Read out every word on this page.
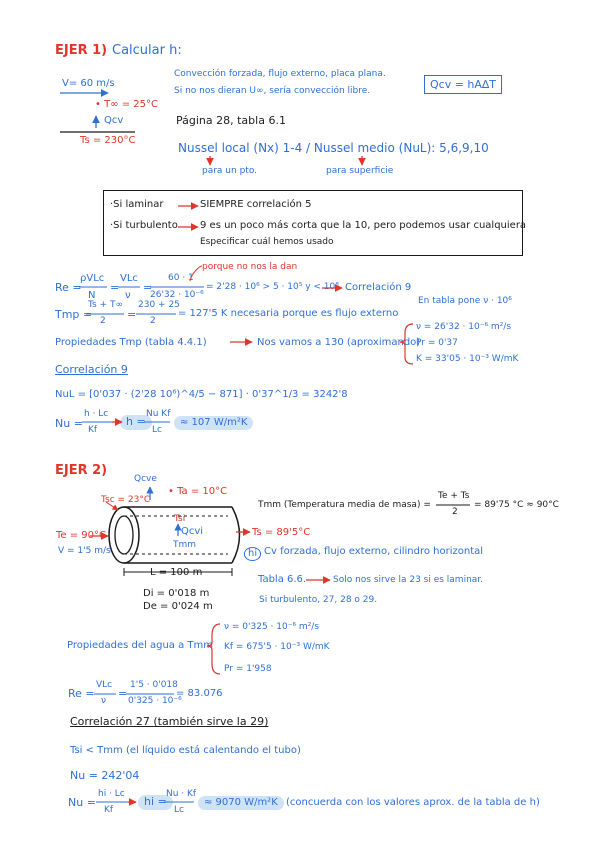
EJER 1) Calcular h:
V= 60 m/s
• T∞ = 25°C
Qcv
Ts = 230°C
Convección forzada, flujo externo, placa plana.
Si no nos dieran U∞, sería convección libre.	Qcv = hA∆T
Página 28, tabla 6.1
Nussel local (Nx) 1-4 / Nussel medio (NuL): 5,6,9,10
para un pto.	para superficie
·Si laminar	SIEMPRE correlación 5
·Si turbulento 9 es un poco más corta que la 10, pero podemos usar cualquiera
Especificar cuál hemos usado
porque no nos la dan
Re =
ρVLc
N
=
VLc
ν
=
60 · 1
26'32 · 10⁻⁶
= 2'28 · 10⁶ > 5 · 10⁵ y < 10⁸ Correlación 9
En tabla pone ν · 10⁶
Tmp =
Ts + T∞
2 =
230 + 25
2
= 127'5 K necesaria porque es flujo externo
Propiedades Tmp (tabla 4.4.1)	Nos vamos a 130 (aproximando)
ν = 26'32 · 10⁻⁶ m²/s
Pr = 0'37
K = 33'05 · 10⁻³ W/mK
Correlación 9
NuL = [0'037 · (2'28 10⁶)^4/5 − 871] · 0'37^1/3 = 3242'8
Nu =
h · Lc
Kf
h =
Nu Kf
Lc
≈ 107 W/m²K
EJER 2)
Qcve
• Ta = 10°C
Tsc = 23°C
Te = 90°C
V = 1'5 m/s
Tsi
Qcvi
Tmm
Ts = 89'5°C
L = 100 m
Di = 0'018 m
De = 0'024 m
Tmm (Temperatura media de masa) =
Te + Ts
2
= 89'75 °C ≈ 90°C
hi Cv forzada, flujo externo, cilindro horizontal
Tabla 6.6.	Solo nos sirve la 23 si es laminar.
Si turbulento, 27, 28 o 29.
Propiedades del agua a Tmm
ν = 0'325 · 10⁻⁶ m²/s
Kf = 675'5 · 10⁻³ W/mK
Pr = 1'958
Re =
VLc
ν
=
1'5 · 0'018
0'325 · 10⁻⁶
= 83.076
Correlación 27 (también sirve la 29)
Tsi < Tmm (el líquido está calentando el tubo)
Nu = 242'04
Nu =
hi · Lc
Kf
hi =
Nu · Kf
Lc
≈ 9070 W/m²K (concuerda con los valores aprox. de la tabla de h)
